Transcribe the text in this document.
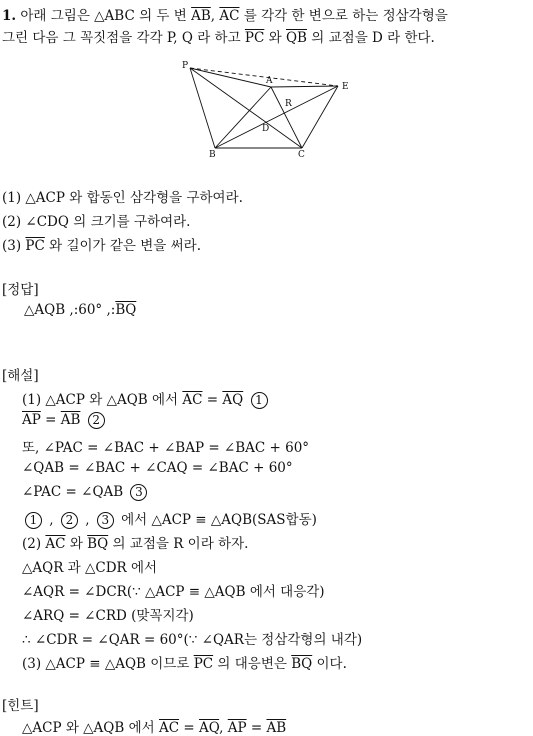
1. 아래 그림은 △ABC 의 두 변 $\overline{AB}$, $\overline{AC}$ 를 각각 한 변으로 하는 정삼각형을
그린 다음 그 꼭짓점을 각각 P, Q 라 하고 $\overline{PC}$ 와 $\overline{QB}$ 의 교점을 D 라 한다.
P
A
E
R
D
B	C
(1) △ACP 와 합동인 삼각형을 구하여라.
(2) ∠CDQ 의 크기를 구하여라.
(3) $\overline{PC}$ 와 길이가 같은 변을 써라.
[정답]
△AQB ,:60° $,:\overline{BQ}$
[해설]
(1) △ACP 와 △AQB 에서 $\overline{AC} = \overline{AQ}$ 1
$\overline{AP} = \overline{AB}$ 2
또, ∠PAC = ∠BAC + ∠BAP = ∠BAC + 60°
∠QAB = ∠BAC + ∠CAQ = ∠BAC + 60°
∠PAC = ∠QAB 3
1 , 2 , 3 에서 △ACP ≡ △AQB(SAS합동)
(2) $\overline{AC}$ 와 $\overline{BQ}$ 의 교점을 R 이라 하자.
△AQR 과 △CDR 에서
∠AQR = ∠DCR(∵ △ACP ≡ △AQB 에서 대응각)
∠ARQ = ∠CRD (맞꼭지각)
∴ ∠CDR = ∠QAR = 60°(∵ ∠QAR는 정삼각형의 내각)
(3) △ACP ≡ △AQB 이므로 $\overline{PC}$ 의 대응변은 $\overline{BQ}$ 이다.
[힌트]
△ACP 와 △AQB 에서 $\overline{AC} = \overline{AQ}$, $\overline{AP} = \overline{AB}$
